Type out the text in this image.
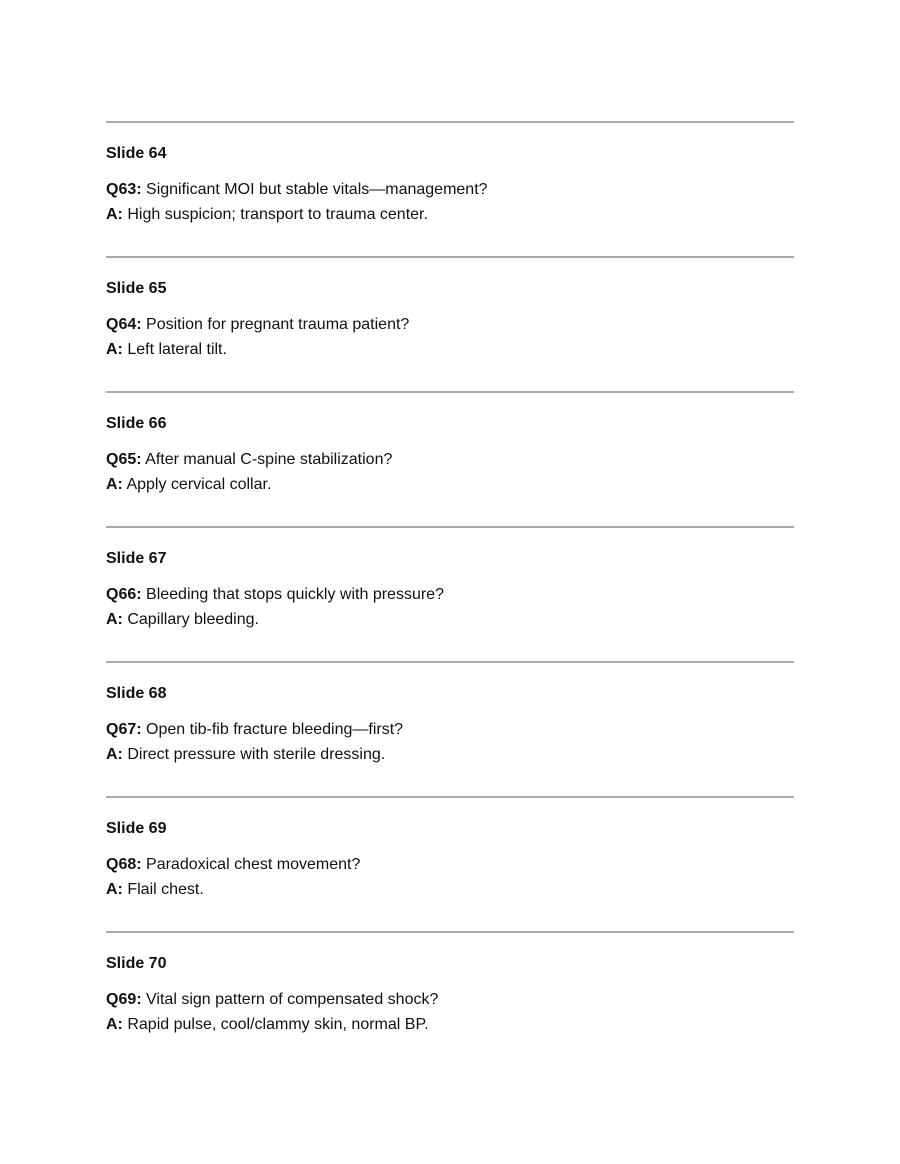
Slide 64
Q63: Significant MOI but stable vitals—management?
A: High suspicion; transport to trauma center.
Slide 65
Q64: Position for pregnant trauma patient?
A: Left lateral tilt.
Slide 66
Q65: After manual C-spine stabilization?
A: Apply cervical collar.
Slide 67
Q66: Bleeding that stops quickly with pressure?
A: Capillary bleeding.
Slide 68
Q67: Open tib-fib fracture bleeding—first?
A: Direct pressure with sterile dressing.
Slide 69
Q68: Paradoxical chest movement?
A: Flail chest.
Slide 70
Q69: Vital sign pattern of compensated shock?
A: Rapid pulse, cool/clammy skin, normal BP.
